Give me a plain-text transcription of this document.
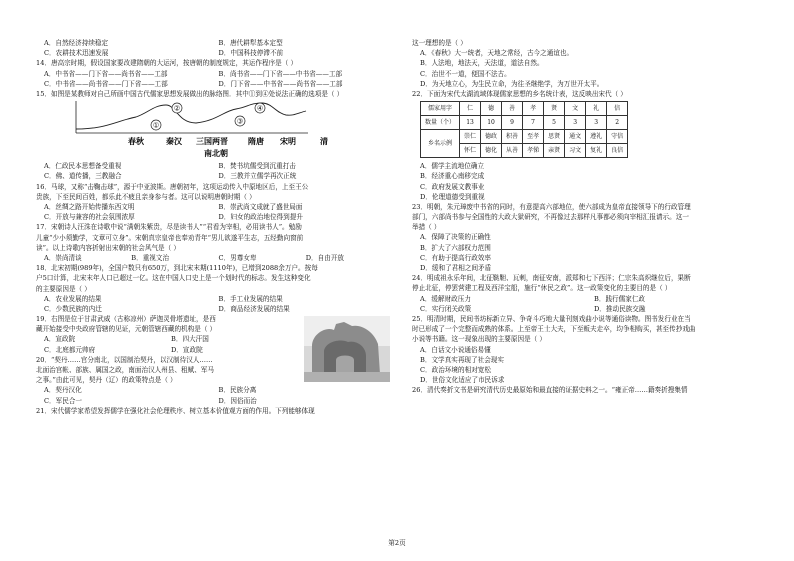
A．自然经济持续稳定	B．唐代耕犁基本定型
C．农耕技术迅速发展	D．中国科技停滞不前
14．唐高宗时期，假设国家要改建隋朝的大运河，按唐朝的制度规定，其运作程序是（ ）
A．中书省——门下省——尚书省——工部	B．尚书省——门下省——中书省——工部
C．中书省——尚书省——门下省——工部	D．门下省——中书省——尚书省——工部
15．如图是某教师对自己所画中国古代儒家思想发展做出的脉络图．其中①到④处说法正确的选项是（ ）
①
②
③
④
春秋	秦汉 三国两晋	隋唐 宋明	清
南北朝
A．仁政民本思想备受重视	B．焚书坑儒受到沉重打击
C．佛、道传播，三教融合	D．三教并立儒学再次正统
16．马球，又称“击鞠击球”，源于中亚波斯。唐朝初年，这项运动传入中原地区后，上至王公
贵族，下至民间百姓，都乐此不疲且亲身参与者。这可以说明唐朝时期（ ）
A．丝绸之路开始传播东西文明	B．崇武尚文成就了盛世局面
C．开放与兼容的社会氛围浓厚	D．妇女的政治地位得到提升
17．宋朝诗人汪洙在诗歌中说“满朝朱紫贵，尽是读书人”“君看为宰相，必用读书人”。勉励
儿童“少小须勤学，文章可立身”。宋朝真宗皇帝也奉劝青年“男儿欲遂平生志，五经勤向窗前
读”。以上诗歌内容折射出宋朝的社会风气是（ ）
A．崇尚清谈	B．重视文治	C．男尊女卑	D．自由开放
18．北宋初期(989年)，全国户数只有650万，到北宋末期(1110年)，已增到2088余万户。按每
户5口计算，北宋末年人口已超过一亿。这在中国人口史上是一个划时代的标志。发生这种变化
的主要原因是（ ）
A．农业发展的结果	B．手工业发展的结果
C．少数民族的内迁	D．商品经济发展的结果
19．右图是位于甘肃武威（古称凉州）萨迦灵骨塔遗址，是西
藏开始接受中央政府管辖的见证，元朝管辖西藏的机构是（ ）
A．宣政院	B．四大汗国
C．北庭都元帅府	D．宣政院
20．“契丹……官分南北，以国制治契丹，以汉制待汉人……
北面治宫帐、部族、属国之政，南面治汉人州县、租赋、军马
之事。”由此可见，契丹（辽）的政策特点是（ ）
A．契丹汉化	B．民族分离
C．军民合一	D．因俗而治
21．宋代儒学家希望发挥儒学在强化社会伦理秩序、树立基本价值观方面的作用。下列能够体现
这一理想的是（ ）
A．《春秋》大一统者，天地之常经，古今之通谊也。
B．人法地，地法天，天法道，道法自然。
C．治世不一道，便国不法古。
D．为天地立心，为生民立命，为往圣继绝学，为万世开太平。
22．下面为宋代太湖流域体现儒家思想的乡名统计表，这反映出宋代（ ）
儒家用字	仁	德	善	孝	贤	文	礼	信
数量（个）	13	10	9	7	5	3	3	2
乡名示例	崇仁	德政	积善	至孝	思贤	通文	遵礼	守信
	怀仁	德化	从善	孝悌	亲贤	习文	复礼	良信
A．儒学主流地位确立
B．经济重心南移完成
C．政府发展文教事业
D．伦理道德受到重视
23．明朝，朱元璋废中书省的同时，有意提高六部地位，使六部成为皇帝直接领导下的行政管理
部门，六部尚书参与全国性的大政大狱研究，不再像过去那样凡事都必须向宰相汇报请示。这一
举措（ ）
A．保障了决策的正确性
B．扩大了六部权力范围
C．有助于提高行政效率
D．缓和了君相之间矛盾
24．明成祖永乐年间，北征鞑靼、瓦剌，南征安南，派郑和七下西洋；仁宗朱高炽继位后，果断
停止北征，停罢营建工程及西洋宝船，施行“休民之政”。这一政策变化的主要目的是（ ）
A．缓解财政压力	B．践行儒家仁政
C．实行闭关政策	D．推动民族交融
25．明清时期，民间书坊标新立异、争奇斗巧地大量刊刻戏曲小说等通俗读物。图书发行业在当
时已形成了一个完整而成熟的体系。上至帝王士大夫，下至贩夫走卒，均争相购买，甚至传抄戏曲
小说等书籍。这一现象出现的主要原因是（ ）
A．白话文小说通俗易懂
B．文学真实再现了社会现实
C．政治环境的相对宽松
D．世俗文化适应了市民诉求
26．清代奏折文书是研究清代历史最原始和最直接的证据史料之一。“雍正帝……籍奏折搜集情
第2页
